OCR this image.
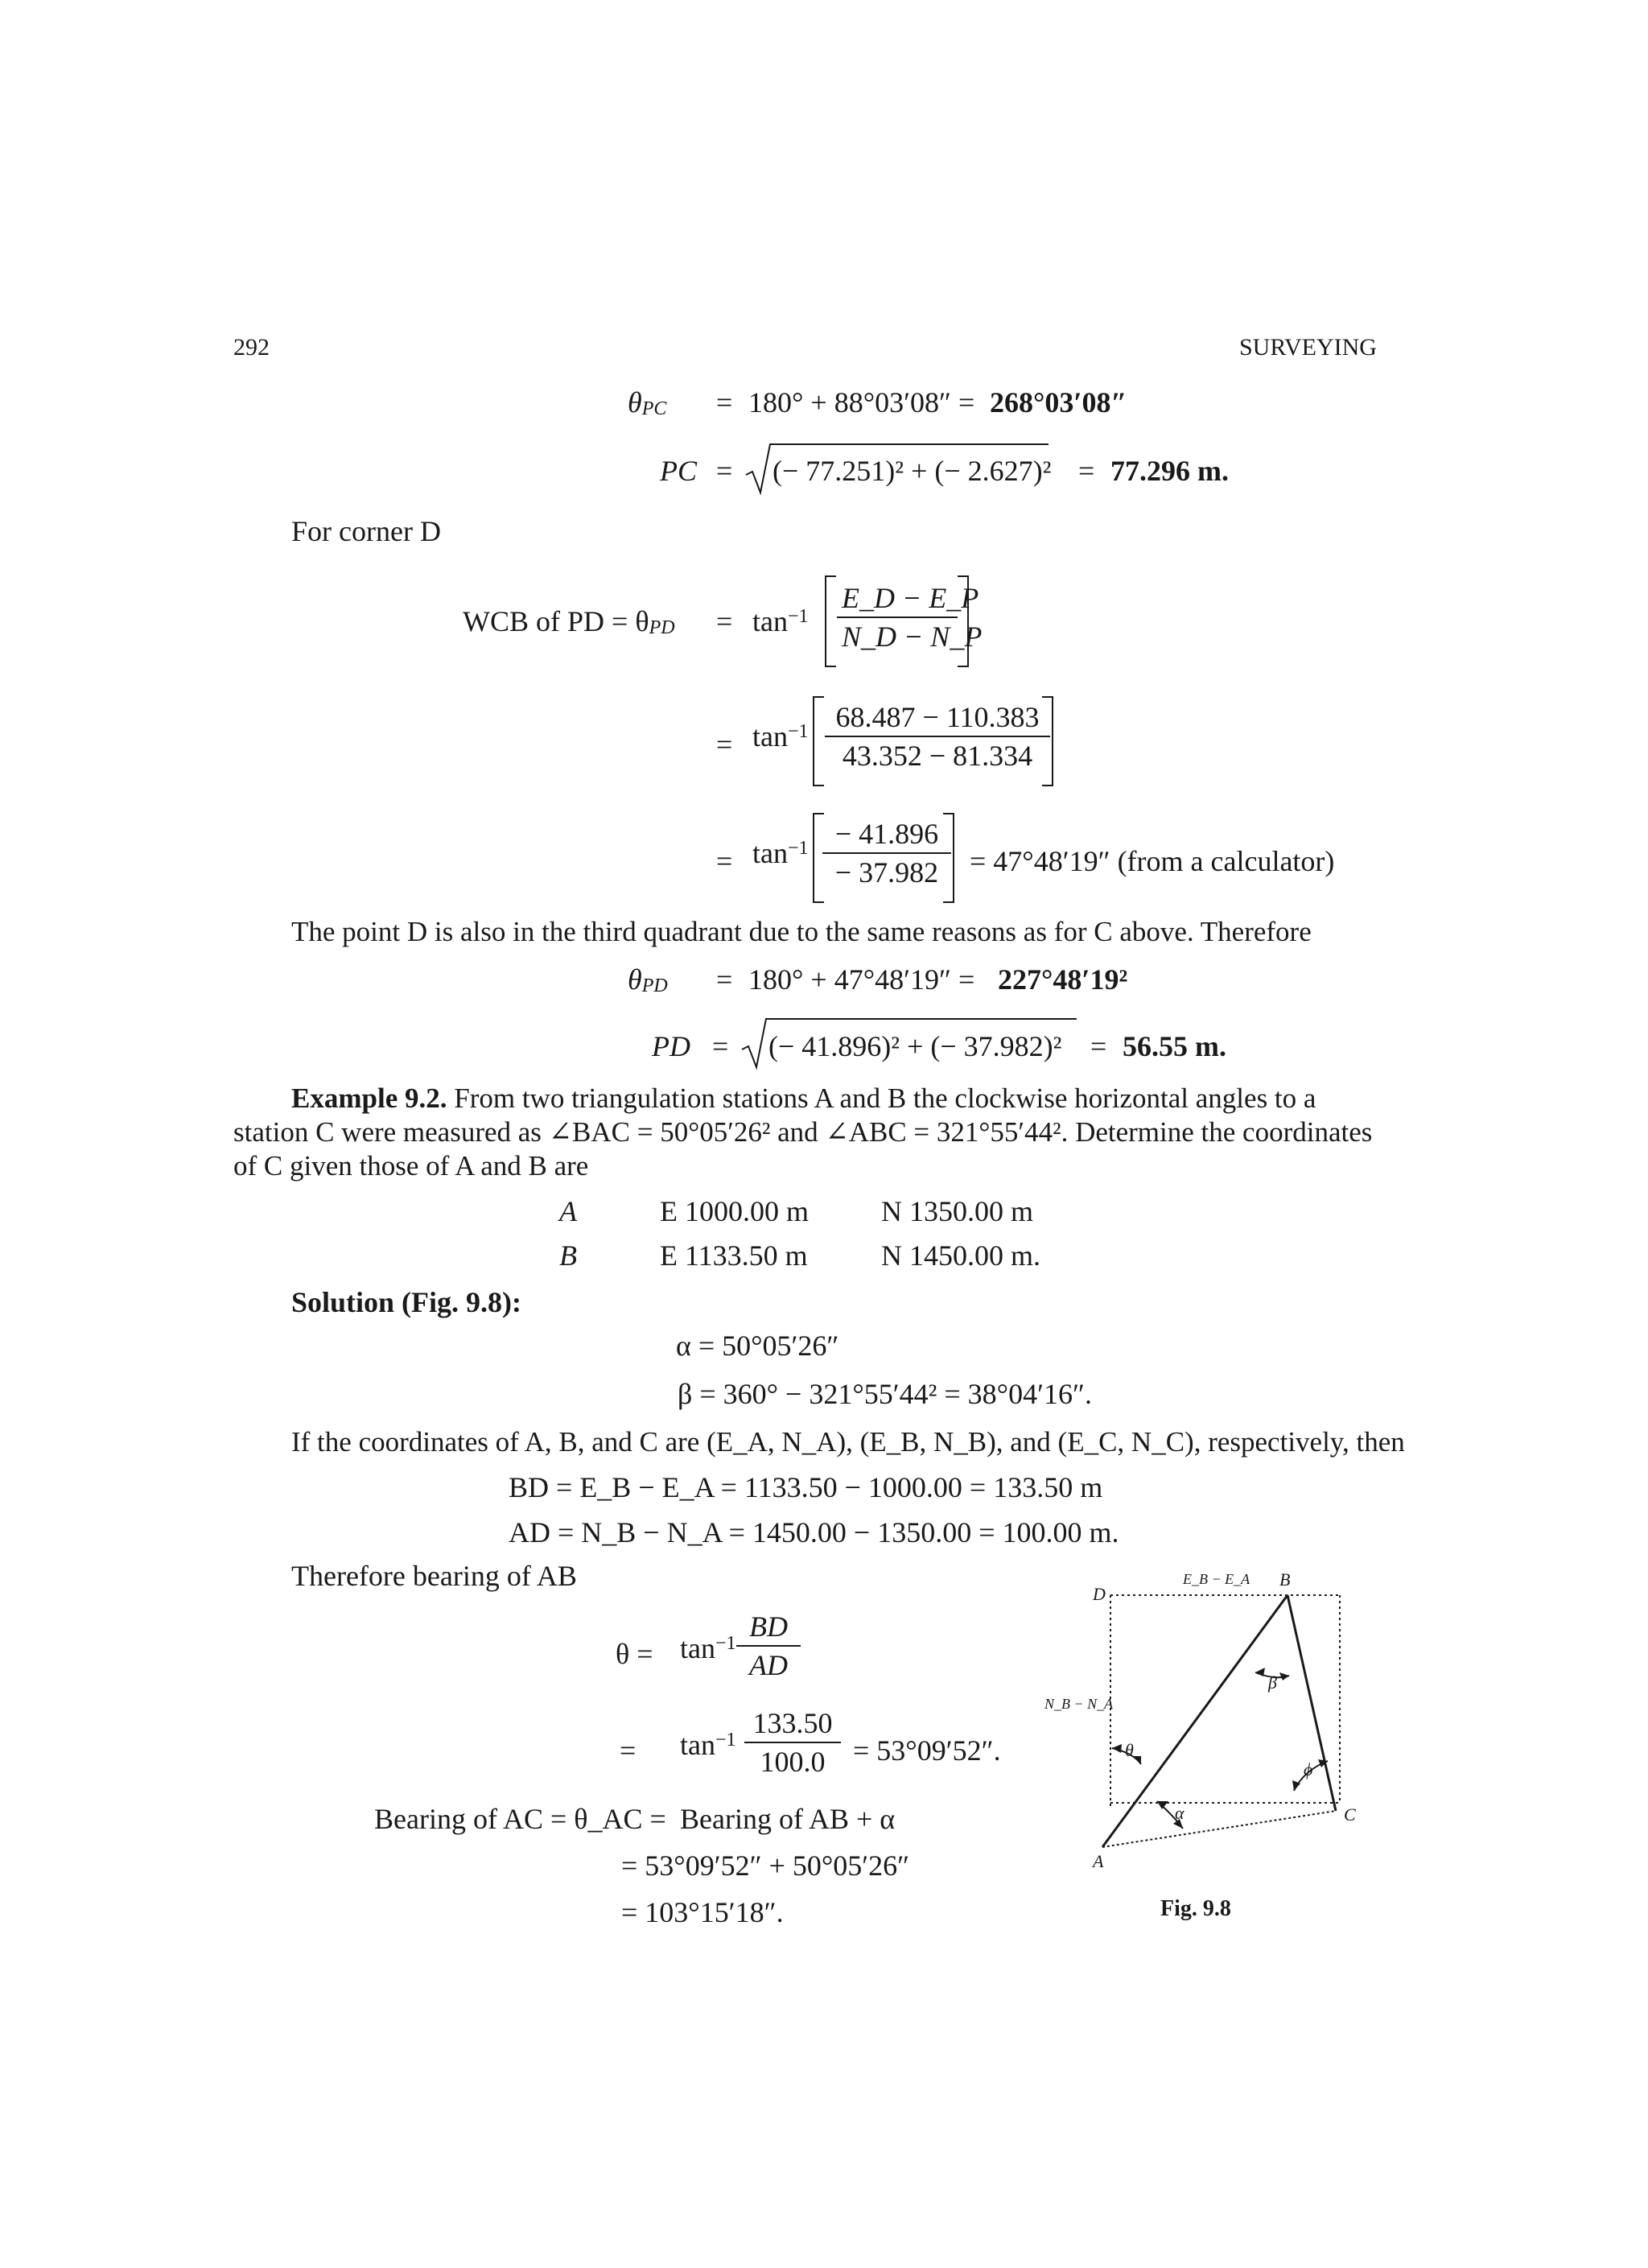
292	SURVEYING
$\theta_{PC} = 180^\circ + 88^\circ 03'08'' = 268^\circ 03'08''$
PC = (− 77.251)² + (− 2.627)² = 77.296 m.
For corner D
WCB of PD = $\theta_{PD} = \tan^{-1} \frac{E\_D - E\_P}{N\_D - N\_P}$
= $\tan^{-1} \frac{68.487 - 110.383}{43.352 - 81.334}$
= $\tan^{-1} \frac{- 41.896}{- 37.982} = 47^\circ 48'19''$ (from a calculator)
The point D is also in the third quadrant due to the same reasons as for C above. Therefore
$\theta_{PD} = 180^\circ + 47^\circ 48'19'' = 227^\circ 48'19^2$
PD = (− 41.896)² + (− 37.982)² = 56.55 m.
Example 9.2. From two triangulation stations A and B the clockwise horizontal angles to a
station C were measured as ∠BAC = 50°05′26² and ∠ABC = 321°55′44². Determine the coordinates
of C given those of A and B are
A	E 1000.00 m	N 1350.00 m
B	E 1133.50 m	N 1450.00 m.
Solution (Fig. 9.8):
α = 50°05′26″
β = 360° − 321°55′44² = 38°04′16″.
If the coordinates of A, B, and C are (E_A, N_A), (E_B, N_B), and (E_C, N_C), respectively, then
BD = E_B − E_A = 1133.50 − 1000.00 = 133.50 m
AD = N_B − N_A = 1450.00 − 1350.00 = 100.00 m.
Therefore bearing of AB
$\theta = \tan^{-1} \frac{BD}{AD}$
= $\tan^{-1} \frac{133.50}{100.0} = 53^\circ 09'52''$.
Bearing of AC = θ_AC = Bearing of AB + α
= 53°09′52″ + 50°05′26″
= 103°15′18″.
D
B
E_B − E_A
N_B − N_A
A
C
θ
β
α
ϕ
Fig. 9.8
